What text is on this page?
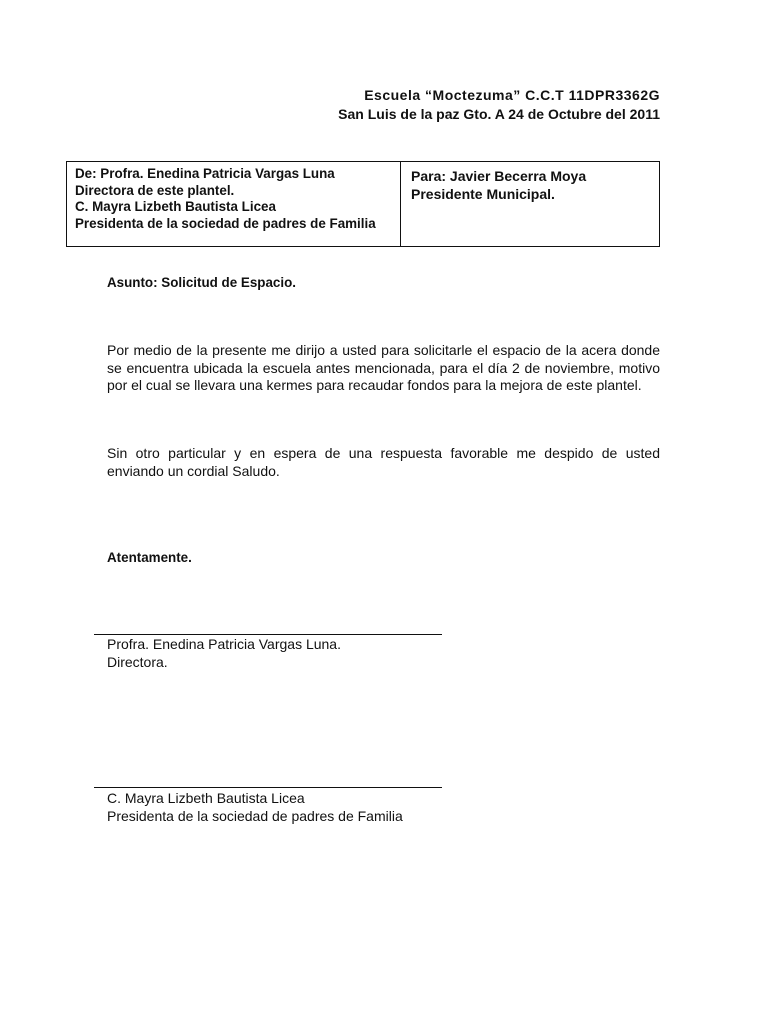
Escuela “Moctezuma” C.C.T 11DPR3362G
San Luis de la paz Gto. A 24 de Octubre del 2011
De: Profra. Enedina Patricia Vargas Luna
Directora de este plantel.
C. Mayra Lizbeth Bautista Licea
Presidenta de la sociedad de padres de Familia
Para: Javier Becerra Moya
Presidente Municipal.
Asunto: Solicitud de Espacio.
Por medio de la presente me dirijo a usted para solicitarle el espacio de la acera donde se encuentra ubicada la escuela antes mencionada, para el día 2 de noviembre, motivo por el cual se llevara una kermes para recaudar fondos para la mejora de este plantel.
Sin otro particular y en espera de una respuesta favorable me despido de usted enviando un cordial Saludo.
Atentamente.
Profra. Enedina Patricia Vargas Luna.
Directora.
C. Mayra Lizbeth Bautista Licea
Presidenta de la sociedad de padres de Familia
